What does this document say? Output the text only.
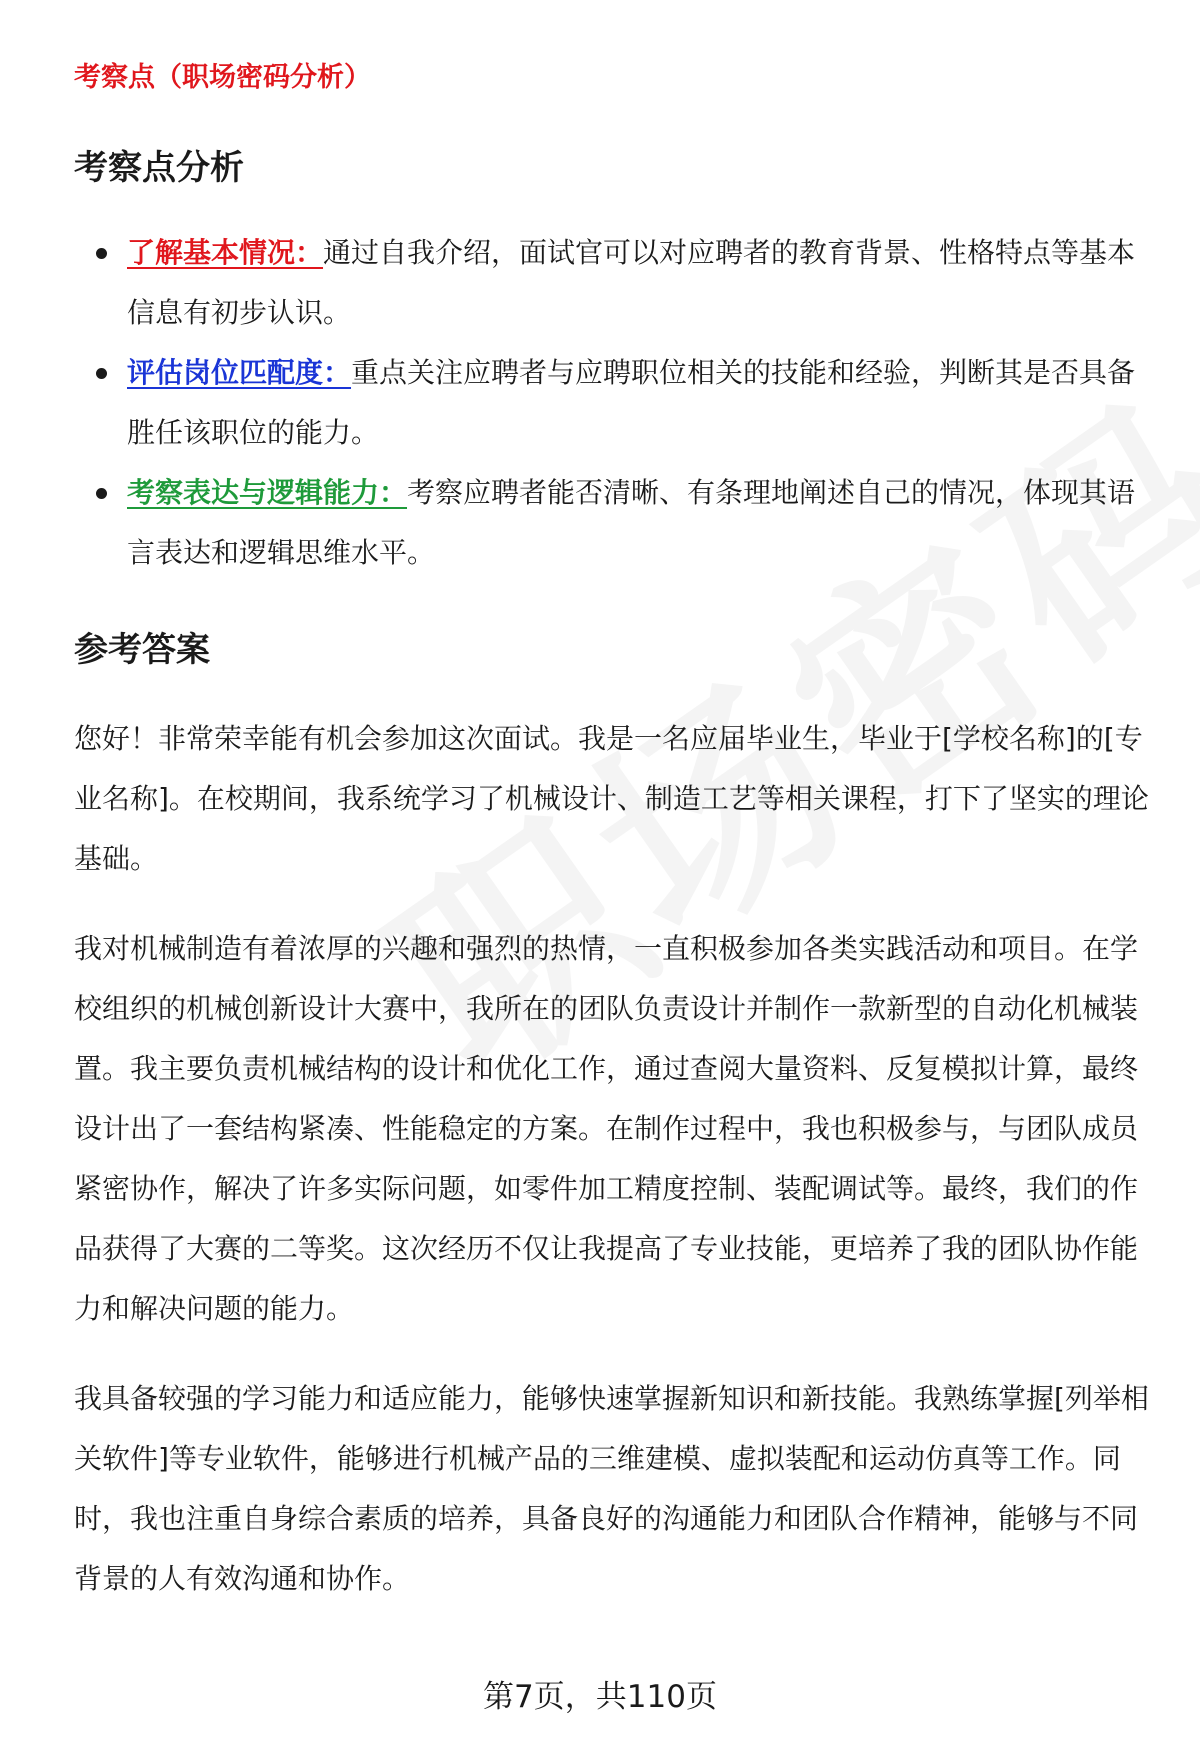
考察点（职场密码分析）

考察点分析
了解基本情况：通过自我介绍，面试官可以对应聘者的教育背景、性格特点等基本信息有初步认识。
评估岗位匹配度：重点关注应聘者与应聘职位相关的技能和经验，判断其是否具备胜任该职位的能力。
考察表达与逻辑能力：考察应聘者能否清晰、有条理地阐述自己的情况，体现其语言表达和逻辑思维水平。
参考答案

您好！非常荣幸能有机会参加这次面试。我是一名应届毕业生，毕业于[学校名称]的[专业名称]。在校期间，我系统学习了机械设计、制造工艺等相关课程，打下了坚实的理论基础。

我对机械制造有着浓厚的兴趣和强烈的热情，一直积极参加各类实践活动和项目。在学校组织的机械创新设计大赛中，我所在的团队负责设计并制作一款新型的自动化机械装置。我主要负责机械结构的设计和优化工作，通过查阅大量资料、反复模拟计算，最终设计出了一套结构紧凑、性能稳定的方案。在制作过程中，我也积极参与，与团队成员紧密协作，解决了许多实际问题，如零件加工精度控制、装配调试等。最终，我们的作品获得了大赛的二等奖。这次经历不仅让我提高了专业技能，更培养了我的团队协作能力和解决问题的能力。

我具备较强的学习能力和适应能力，能够快速掌握新知识和新技能。我熟练掌握[列举相关软件]等专业软件，能够进行机械产品的三维建模、虚拟装配和运动仿真等工作。同时，我也注重自身综合素质的培养，具备良好的沟通能力和团队合作精神，能够与不同背景的人有效沟通和协作。

第7页，共110页
